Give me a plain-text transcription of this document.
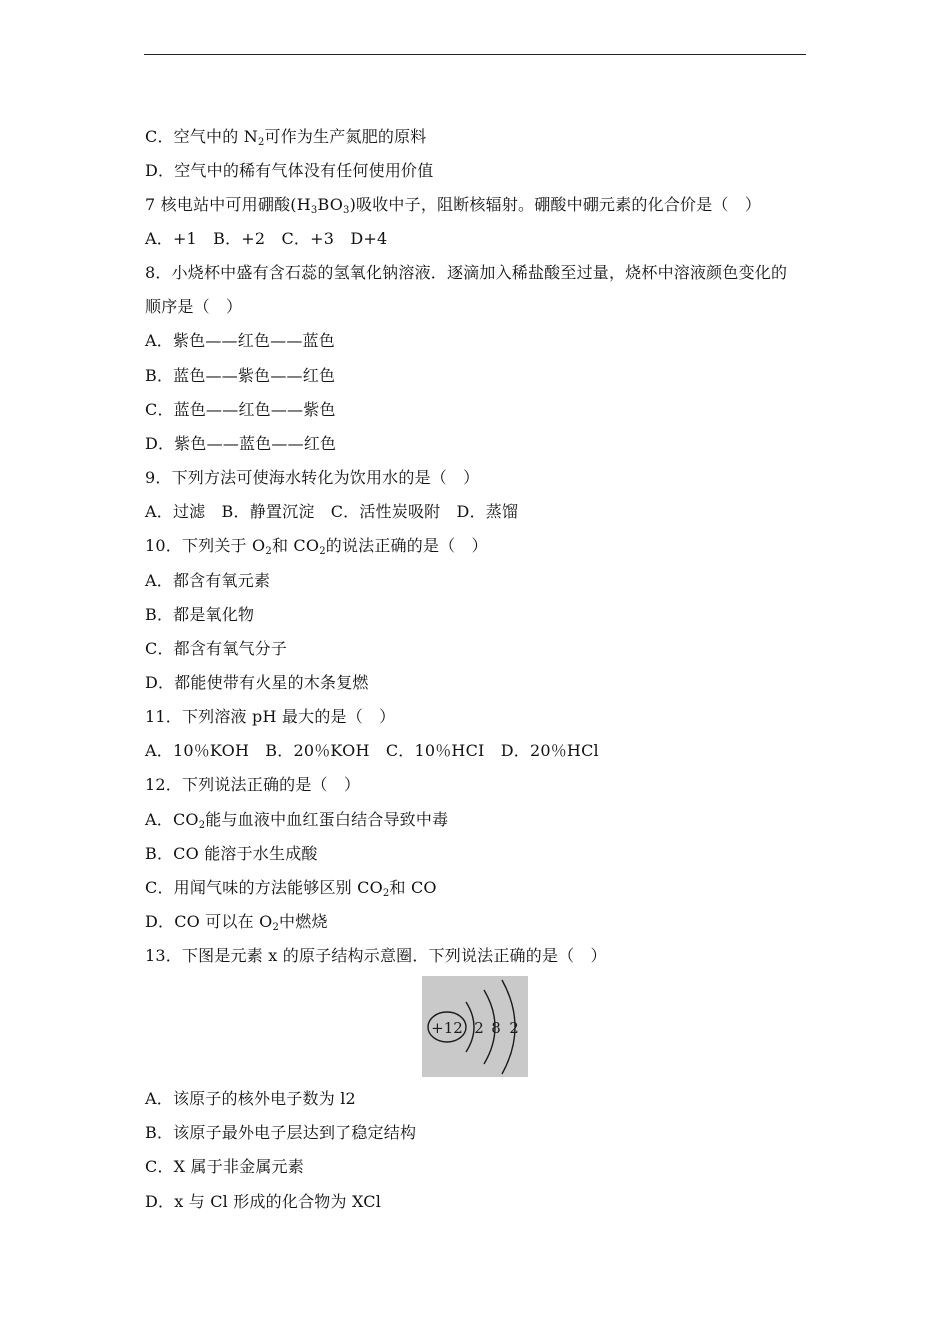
C．空气中的 $N_2$可作为生产氮肥的原料
D．空气中的稀有气体没有任何使用价值
7 核电站中可用硼酸$(H_3BO_3)$吸收中子，阻断核辐射。硼酸中硼元素的化合价是（　）
A．+1　B．+2　C．+3　D+4
8．小烧杯中盛有含石蕊的氢氧化钠溶液．逐滴加入稀盐酸至过量，烧杯中溶液颜色变化的
顺序是（　）
A．紫色——红色——蓝色
B．蓝色——紫色——红色
C．蓝色——红色——紫色
D．紫色——蓝色——红色
9．下列方法可使海水转化为饮用水的是（　）
A．过滤　B．静置沉淀　C．活性炭吸附　D．蒸馏
10．下列关于 $O_2$和 $CO_2$的说法正确的是（　）
A．都含有氧元素
B．都是氧化物
C．都含有氧气分子
D．都能使带有火星的木条复燃
11．下列溶液 pH 最大的是（　）
A．10％KOH　B．20％KOH　C．10％HCI　D．20％HCl
12．下列说法正确的是（　）
A．$CO_2$能与血液中血红蛋白结合导致中毒
B．CO 能溶于水生成酸
C．用闻气味的方法能够区别 $CO_2$和 CO
D．CO 可以在 $O_2$中燃烧
13．下图是元素 x 的原子结构示意圈．下列说法正确的是（　）
+12 2 8 2
A．该原子的核外电子数为 l2
B．该原子最外电子层达到了稳定结构
C．X 属于非金属元素
D．x 与 Cl 形成的化合物为 XCl
